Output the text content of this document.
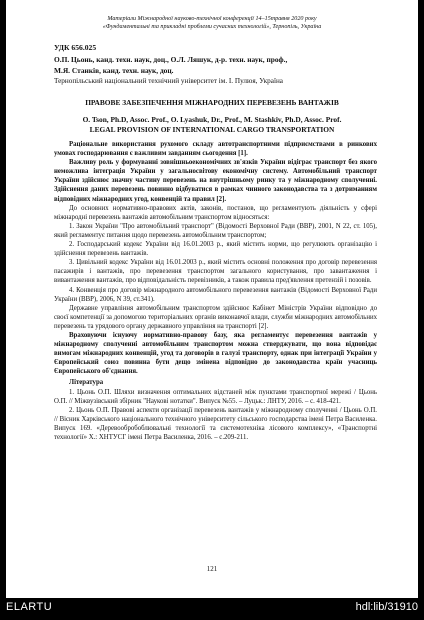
Матеріали Міжнародної науково-технічної конференції 14–15травня 2020 року
«Фундаментальні та прикладні проблеми сучасних технологій», Тернопіль, Україна
УДК 656.025
О.П. Цьонь, канд. техн. наук, доц., О.Л. Ляшук, д-р. техн. наук, проф.,
М.Я. Станків, канд. техн. наук, доц.
Тернопільський національний технічний університет ім. І. Пулюя, Україна
ПРАВОВЕ ЗАБЕЗПЕЧЕННЯ МІЖНАРОДНИХ ПЕРЕВЕЗЕНЬ ВАНТАЖІВ
O. Tson, Ph.D, Assoc. Prof., O. Lyashuk, Dr., Prof., M. Stashkiv, Ph.D, Assoc. Prof.
LEGAL PROVISION OF INTERNATIONAL CARGO TRANSPORTATION

Раціональне використання рухомого складу автотранспортними підприємствами в ринкових умовах господарювання є важливим завданням сьогодення [1].

Важливу роль у формуванні зовнішньоекономічних зв'язків України відіграє транспорт без якого неможлива інтеграція України у загальносвітову економічну систему. Автомобільний транспорт України здійснює значну частину перевезень на внутрішньому ринку та у міжнародному сполученні. Здійснення даних перевезень повинно відбуватися в рамках чинного законодавства та з дотриманням відповідних міжнародних угод, конвенцій та правил [2].

До основних нормативно-правових актів, законів, постанов, що регламентують діяльність у сфері міжнародні перевезень вантажів автомобільним транспортом відносяться:

1. Закон України "Про автомобільний транспорт" (Відомості Верховної Ради (ВВР), 2001, N 22, ст. 105), який регламентує питання щодо перевезень автомобільним транспортом;

2. Господарський кодекс України від 16.01.2003 р., який містить норми, що регулюють організацію і здійснення перевезень вантажів.

3. Цивільний кодекс України від 16.01.2003 р., який містить основні положення про договір перевезення пасажирів і вантажів, про перевезення транспортом загального користування, про завантаження і вивантаження вантажів, про відповідальність перевізників, а також правила пред'явлення претензій і позовів.

4. Конвенція про договір міжнародного автомобільного перевезення вантажів (Відомості Верховної Ради України (ВВР), 2006, N 39, ст.341).

Державне управління автомобільним транспортом здійснює Кабінет Міністрів України відповідно до своєї компетенції за допомогою територіальних органів виконавчої влади, служби міжнародних автомобільних перевезень та урядового органу державного управління на транспорті [2].

Враховуючи існуючу нормативно-правову базу, яка регламентує перевезення вантажів у міжнародному сполученні автомобільним транспортом можна стверджувати, що вона відповідає вимогам міжнародних конвенцій, угод та договорів в галузі транспорту, однак при інтеграції України у Європейський союз повинна бути дещо змінена відповідно до законодавства країн учасниць Європейського об'єднання.

Література

1. Цьонь О.П. Шляхи визначення оптимальних відстаней між пунктами транспортної мережі / Цьонь О.П. // Міжвузівський збірник "Наукові нотатки". Випуск №55. – Луцьк.: ЛНТУ, 2016. – с. 418-421.

2. Цьонь О.П. Правові аспекти організації перевезень вантажів у міжнародному сполученні / Цьонь О.П. // Вісник Харківського національного технічного університету сільського господарства імені Петра Василенка. Випуск 169. «Деревообробоблювальні технології та системотехніка лісового комплексу», «Транспортні технології» Х.: ХНТУСГ імені Петра Василенка, 2016. – с.209-211.

121
ELARTU	hdl:lib/31910
